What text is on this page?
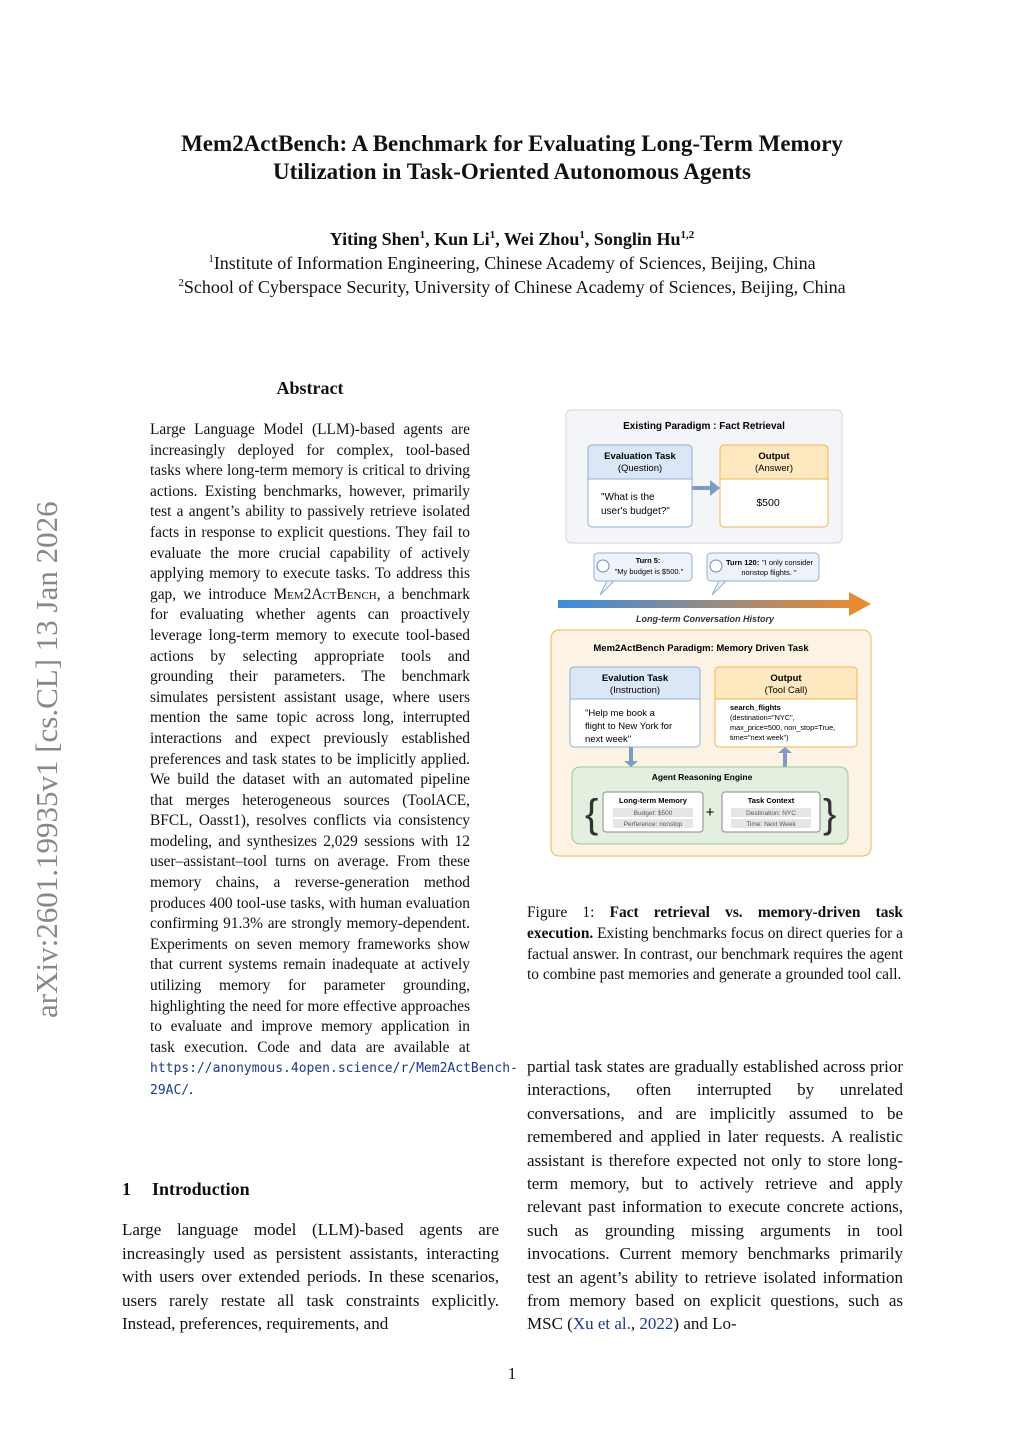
Mem2ActBench: A Benchmark for Evaluating Long-Term Memory
Utilization in Task-Oriented Autonomous Agents
Yiting Shen$^1$, Kun Li$^1$, Wei Zhou$^1$, Songlin Hu$^{1,2}$
$^1$Institute of Information Engineering, Chinese Academy of Sciences, Beijing, China
$^2$School of Cyberspace Security, University of Chinese Academy of Sciences, Beijing, China
arXiv:2601.19935v1 [cs.CL] 13 Jan 2026
Abstract
Large Language Model (LLM)-based agents are increasingly deployed for complex, tool-based tasks where long-term memory is critical to driving actions. Existing benchmarks, however, primarily test a angent’s ability to passively retrieve isolated facts in response to explicit questions. They fail to evaluate the more crucial capability of actively applying memory to execute tasks. To address this gap, we introduce Mem2ActBench, a benchmark for evaluating whether agents can proactively leverage long-term memory to execute tool-based actions by selecting appropriate tools and grounding their parameters. The benchmark simulates persistent assistant usage, where users mention the same topic across long, interrupted interactions and expect previously established preferences and task states to be implicitly applied. We build the dataset with an automated pipeline that merges heterogeneous sources (ToolACE, BFCL, Oasst1), resolves conflicts via consistency modeling, and synthesizes 2,029 sessions with 12 user–assistant–tool turns on average. From these memory chains, a reverse-generation method produces 400 tool-use tasks, with human evaluation confirming 91.3% are strongly memory-dependent. Experiments on seven memory frameworks show that current systems remain inadequate at actively utilizing memory for parameter grounding, highlighting the need for more effective approaches to evaluate and improve memory application in task execution. Code and data are available at https://anonymous.4open.science/r/Mem2ActBench-29AC/.
1 Introduction
Large language model (LLM)-based agents are increasingly used as persistent assistants, interacting with users over extended periods. In these scenarios, users rarely restate all task constraints explicitly. Instead, preferences, requirements, and
partial task states are gradually established across prior interactions, often interrupted by unrelated conversations, and are implicitly assumed to be remembered and applied in later requests. A realistic assistant is therefore expected not only to store long-term memory, but to actively retrieve and apply relevant past information to execute concrete actions, such as grounding missing arguments in tool invocations. Current memory benchmarks primarily test an agent’s ability to retrieve isolated information from memory based on explicit questions, such as MSC (Xu et al., 2022) and Lo-
Existing Paradigm : Fact Retrieval
Evaluation Task
(Question)
"What is the
user's budget?"
Output
(Answer)
$500
Turn 5:
"My budget is $500."
Turn 120: "I only consider
nonstop flights. "
Long-term Conversation History
Mem2ActBench Paradigm: Memory Driven Task
Evalution Task
(Instruction)
"Help me book a
flight to New York for
next week"
Output
(Tool Call)
search_flights
(destination="NYC",
max_price=500, non_stop=True,
time="next week")
Agent Reasoning Engine
{	}
Long-term Memory
Budget: $500
Perference: nonstop
+
Task Context
Destination: NYC
Time: Next Week
Figure 1: Fact retrieval vs. memory-driven task execution. Existing benchmarks focus on direct queries for a factual answer. In contrast, our benchmark requires the agent to combine past memories and generate a grounded tool call.
1
